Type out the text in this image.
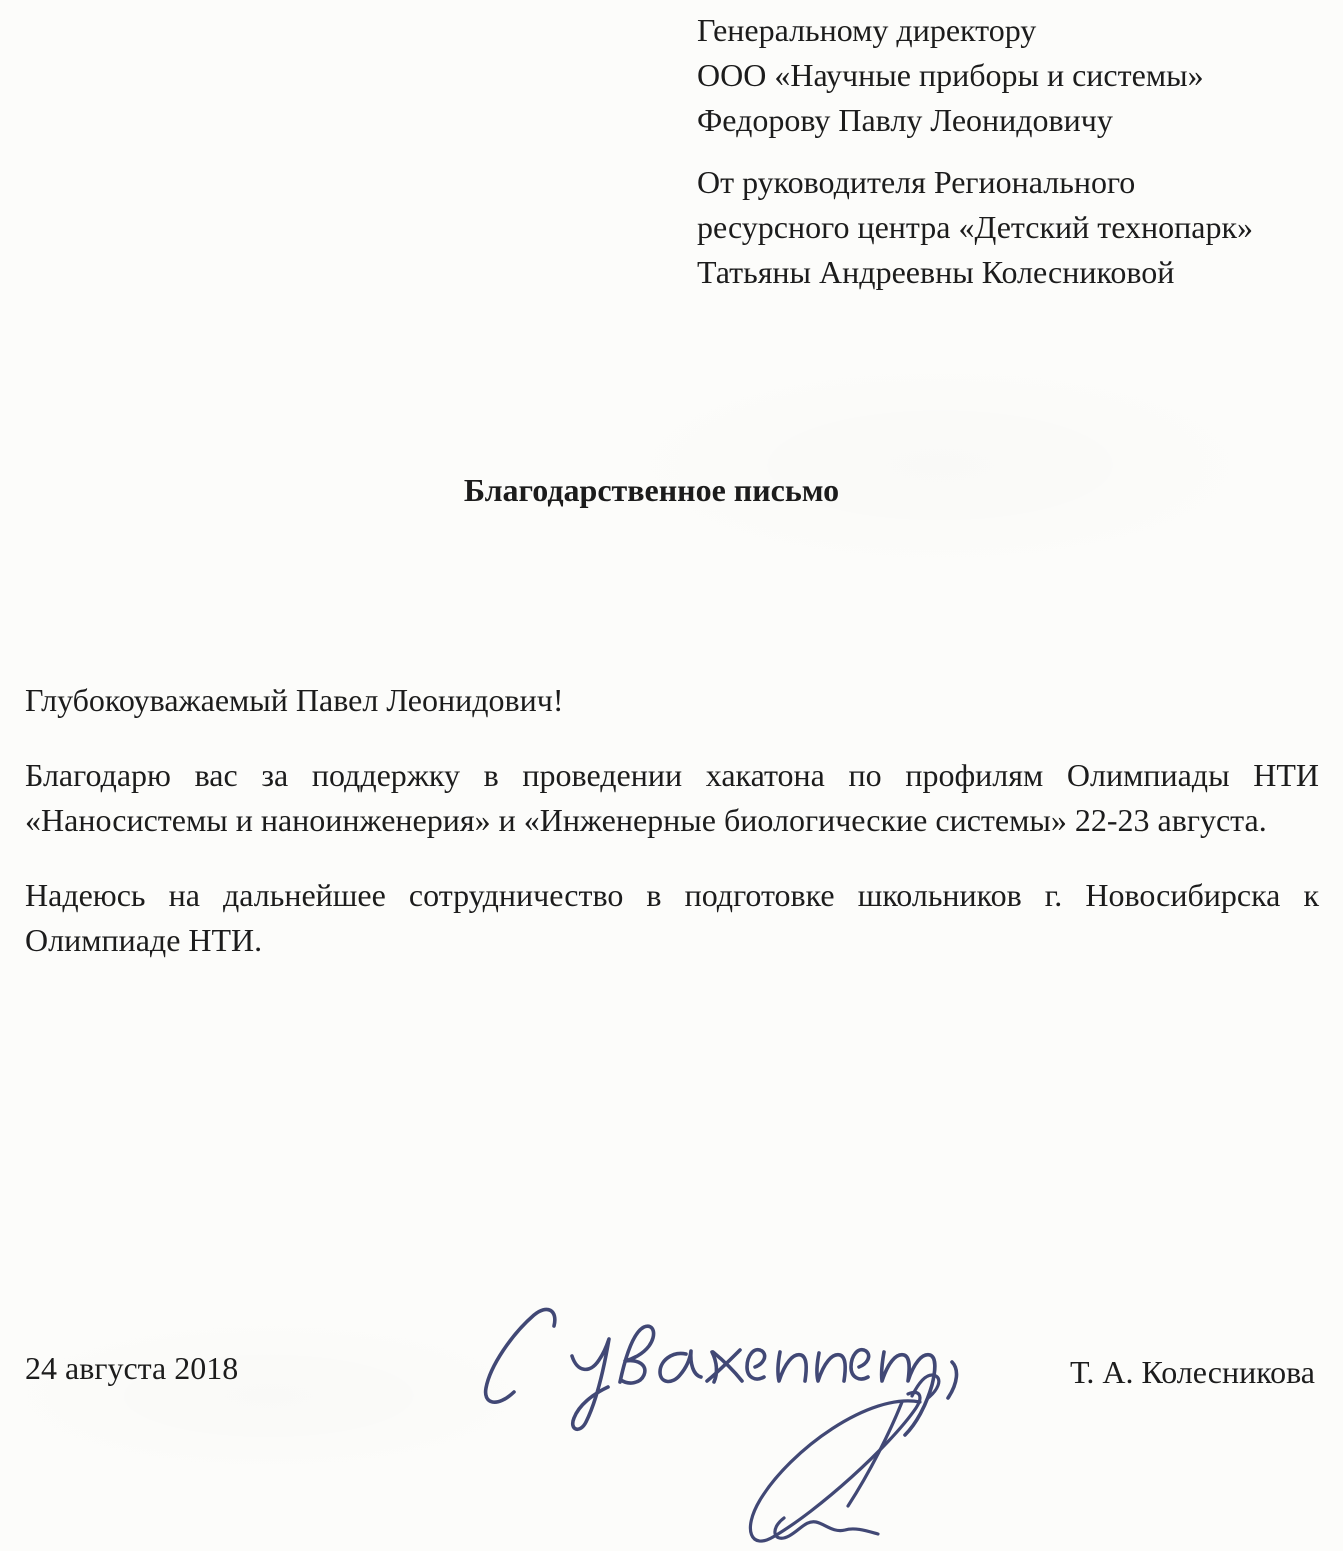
Генеральному директору
ООО «Научные приборы и системы»
Федорову Павлу Леонидовичу
От руководителя Регионального
ресурсного центра «Детский технопарк»
Татьяны Андреевны Колесниковой
Благодарственное письмо

Глубокоуважаемый Павел Леонидович!

Благодарю вас за поддержку в проведении хакатона по профилям Олимпиады НТИ
«Наносистемы и наноинженерия» и «Инженерные биологические системы» 22-23 августа.

Надеюсь на дальнейшее сотрудничество в подготовке школьников г. Новосибирска к
Олимпиаде НТИ.

24 августа 2018	Т. А. Колесникова
